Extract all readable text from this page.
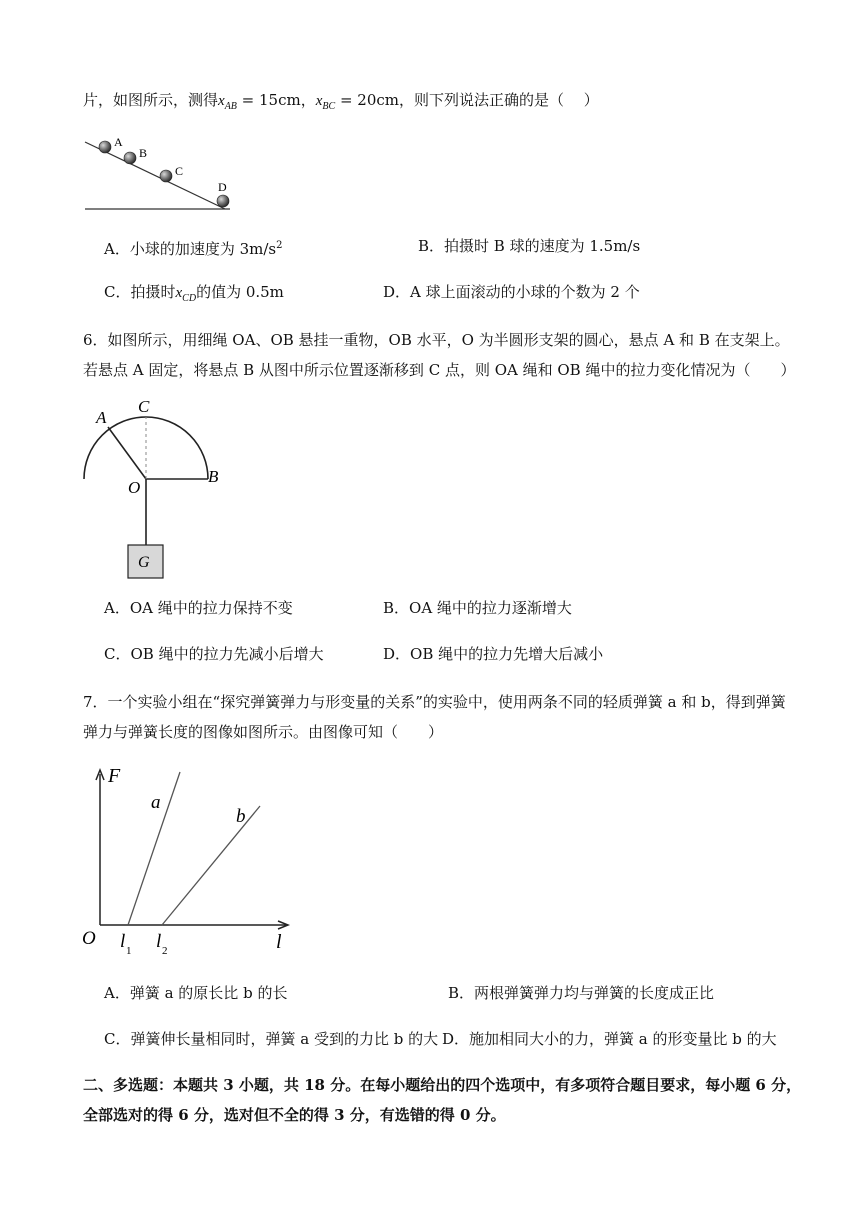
片，如图所示，测得$x_{AB} = 15cm$，$x_{BC} = 20cm$，则下列说法正确的是（　 ）
A
B
C
D
A．小球的加速度为 $3m/s^2$	B．拍摄时 B 球的速度为 1.5m/s
C．拍摄时$x_{CD}$的值为 0.5m	D．A 球上面滚动的小球的个数为 2 个
6．如图所示，用细绳 OA、OB 悬挂一重物，OB 水平，O 为半圆形支架的圆心，悬点 A 和 B 在支架上。
若悬点 A 固定，将悬点 B 从图中所示位置逐渐移到 C 点，则 OA 绳和 OB 绳中的拉力变化情况为（　　）
A
C
O
B
G
A．OA 绳中的拉力保持不变	B．OA 绳中的拉力逐渐增大
C．OB 绳中的拉力先减小后增大	D．OB 绳中的拉力先增大后减小
7．一个实验小组在“探究弹簧弹力与形变量的关系”的实验中，使用两条不同的轻质弹簧 a 和 b，得到弹簧
弹力与弹簧长度的图像如图所示。由图像可知（　　）
F
O	l
a
b
l 1 l 2
A．弹簧 a 的原长比 b 的长	B．两根弹簧弹力均与弹簧的长度成正比
C．弹簧伸长量相同时，弹簧 a 受到的力比 b 的大 D．施加相同大小的力，弹簧 a 的形变量比 b 的大
二、多选题：本题共 3 小题，共 18 分。在每小题给出的四个选项中，有多项符合题目要求，每小题 6 分，
全部选对的得 6 分，选对但不全的得 3 分，有选错的得 0 分。
